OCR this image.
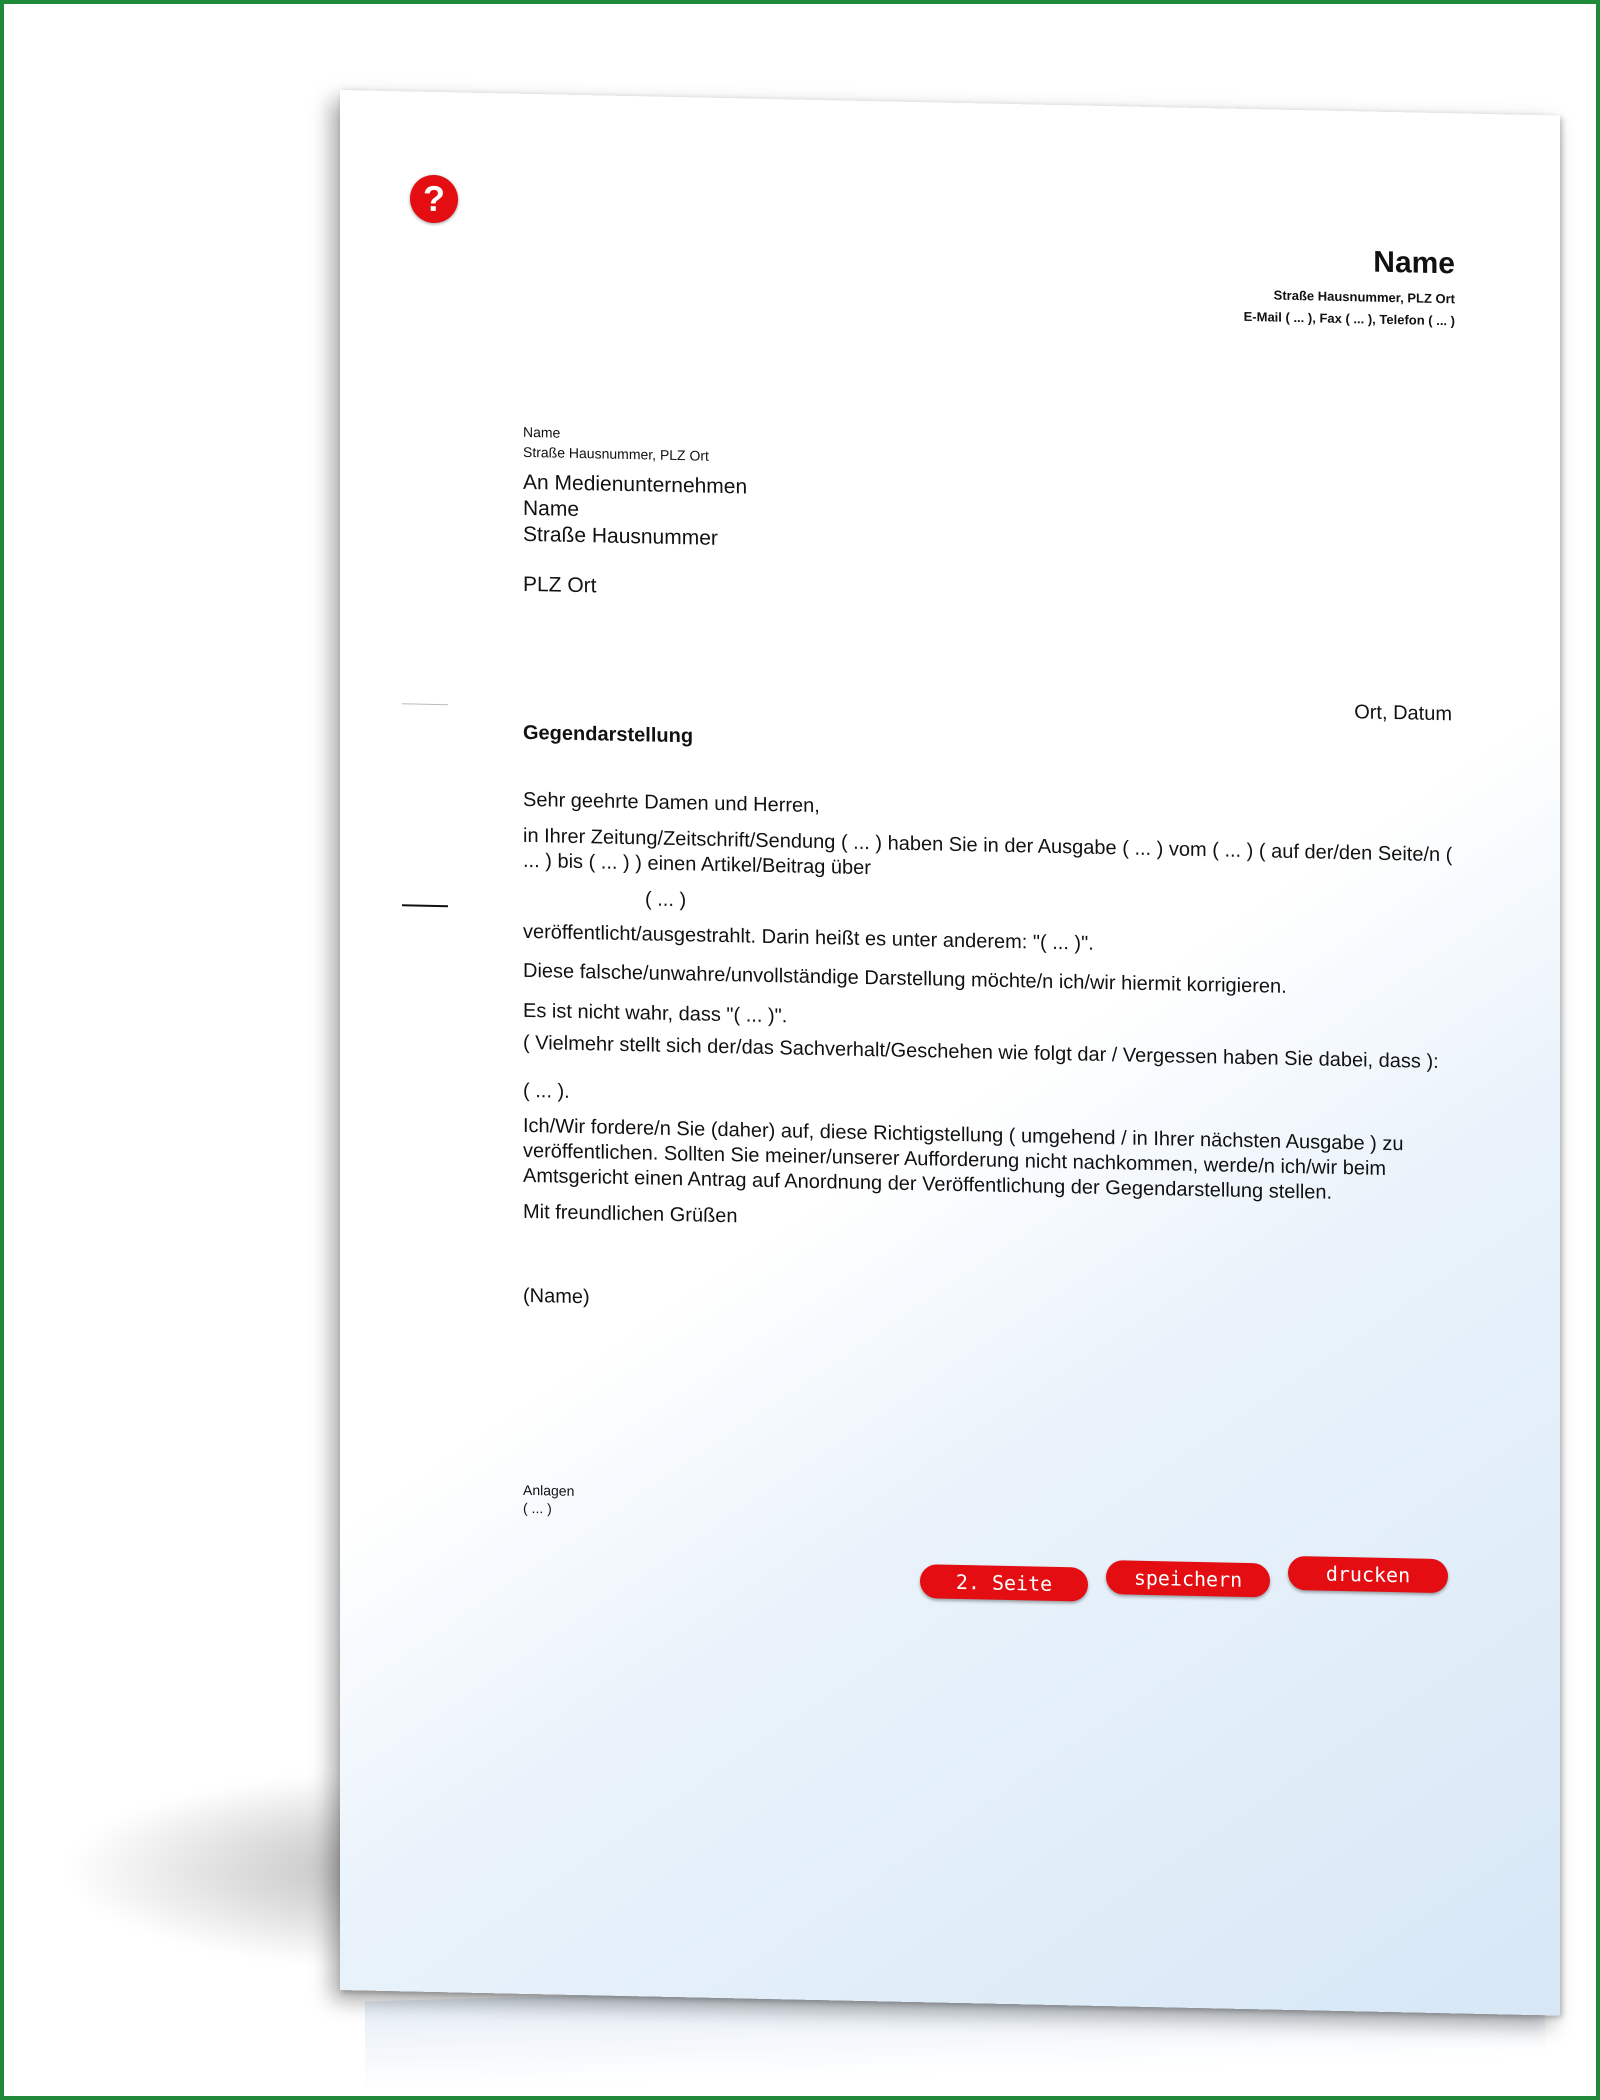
?
Name
Straße Hausnummer, PLZ Ort
E-Mail ( ... ), Fax ( ... ), Telefon ( ... )
Name
Straße Hausnummer, PLZ Ort
An Medienunternehmen
Name
Straße Hausnummer
PLZ Ort
Ort, Datum
Gegendarstellung
Sehr geehrte Damen und Herren,
in Ihrer Zeitung/Zeitschrift/Sendung ( ... ) haben Sie in der Ausgabe ( ... ) vom ( ... ) ( auf der/den Seite/n ( ... ) bis ( ... ) ) einen Artikel/Beitrag über
( ... )
veröffentlicht/ausgestrahlt. Darin heißt es unter anderem: "( ... )".
Diese falsche/unwahre/unvollständige Darstellung möchte/n ich/wir hiermit korrigieren.
Es ist nicht wahr, dass "( ... )".
( Vielmehr stellt sich der/das Sachverhalt/Geschehen wie folgt dar / Vergessen haben Sie dabei, dass ):
( ... ).
Ich/Wir fordere/n Sie (daher) auf, diese Richtigstellung ( umgehend / in Ihrer nächsten Ausgabe ) zu veröffentlichen. Sollten Sie meiner/unserer Aufforderung nicht nachkommen, werde/n ich/wir beim Amtsgericht einen Antrag auf Anordnung der Veröffentlichung der Gegendarstellung stellen.
Mit freundlichen Grüßen
(Name)
Anlagen
( ... )
2. Seite	speichern	drucken
